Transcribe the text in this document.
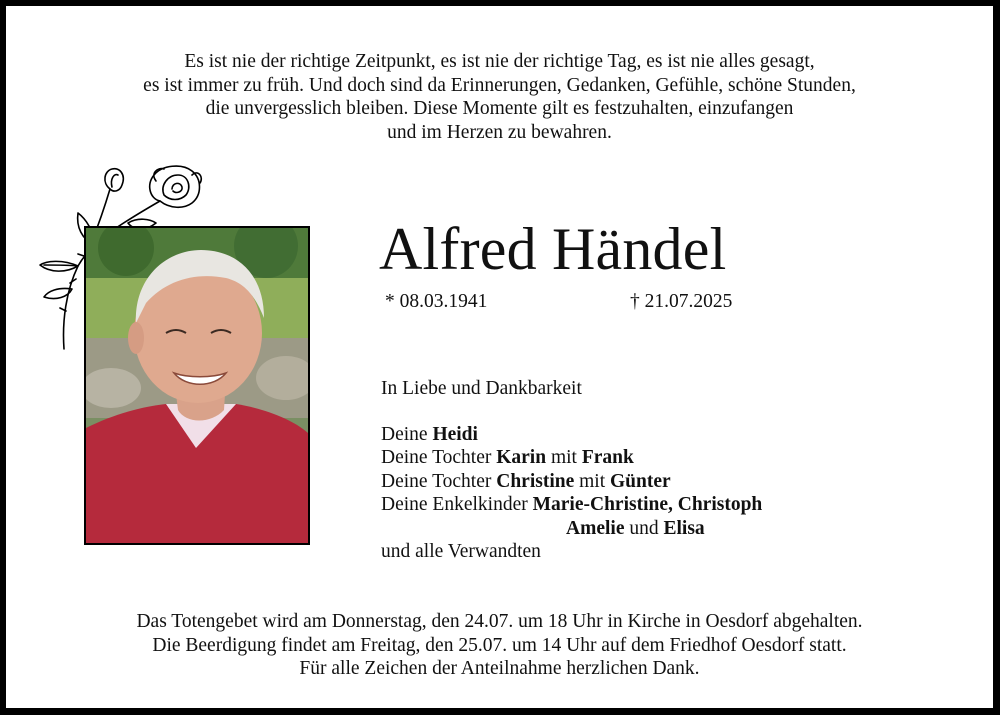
Es ist nie der richtige Zeitpunkt, es ist nie der richtige Tag, es ist nie alles gesagt,
es ist immer zu früh. Und doch sind da Erinnerungen, Gedanken, Gefühle, schöne Stunden,
die unvergesslich bleiben. Diese Momente gilt es festzuhalten, einzufangen
und im Herzen zu bewahren.
Alfred Händel
* 08.03.1941	† 21.07.2025
In Liebe und Dankbarkeit
Deine Heidi
Deine Tochter Karin mit Frank
Deine Tochter Christine mit Günter
Deine Enkelkinder Marie-Christine, Christoph
Amelie und Elisa
und alle Verwandten
Das Totengebet wird am Donnerstag, den 24.07. um 18 Uhr in Kirche in Oesdorf abgehalten.
Die Beerdigung findet am Freitag, den 25.07. um 14 Uhr auf dem Friedhof Oesdorf statt.
Für alle Zeichen der Anteilnahme herzlichen Dank.
